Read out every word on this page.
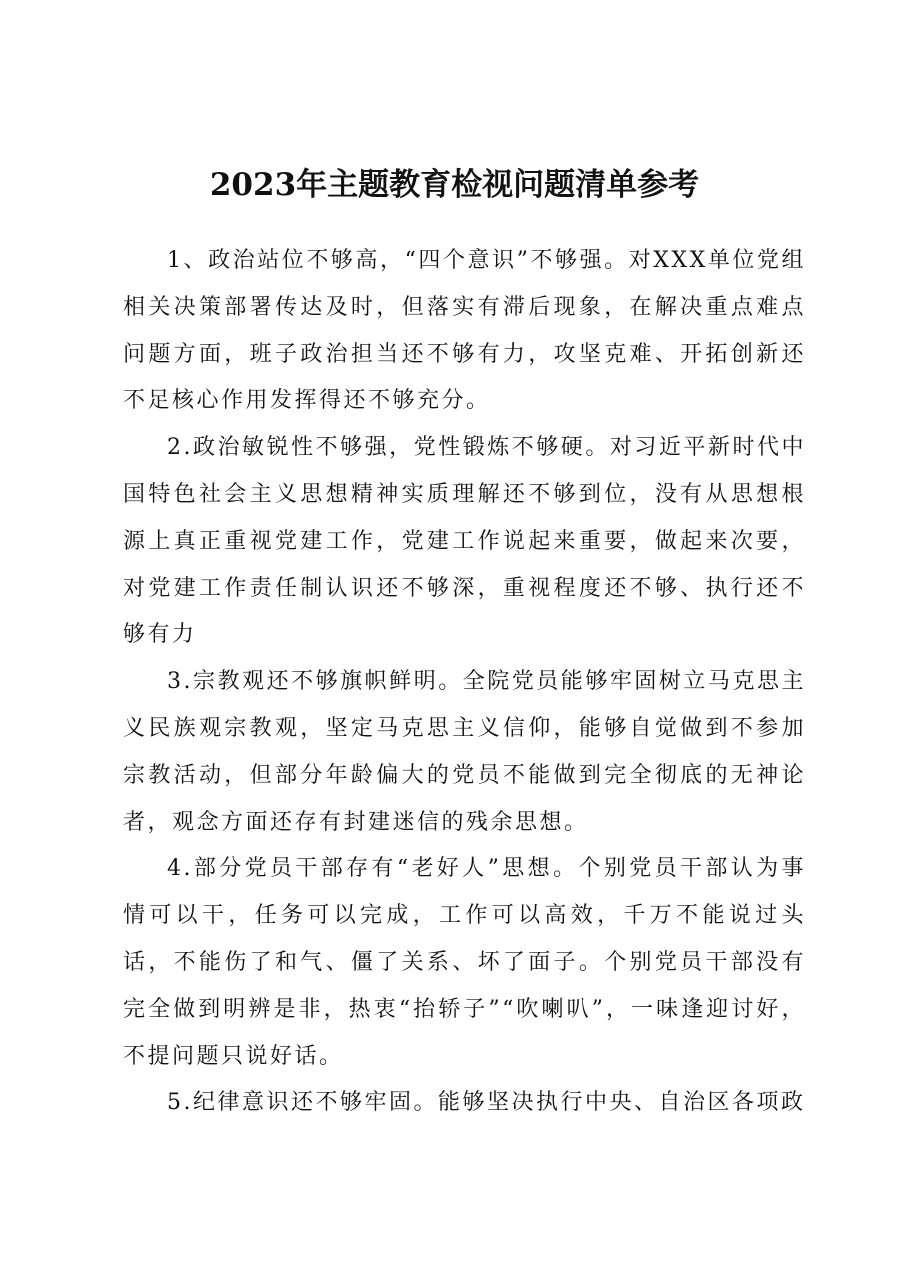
2023年主题教育检视问题清单参考

1、政治站位不够高，“四个意识”不够强。对XXX单位党组相关决策部署传达及时，但落实有滞后现象，在解决重点难点问题方面，班子政治担当还不够有力，攻坚克难、开拓创新还不足核心作用发挥得还不够充分。

2.政治敏锐性不够强，党性锻炼不够硬。对习近平新时代中国特色社会主义思想精神实质理解还不够到位，没有从思想根源上真正重视党建工作，党建工作说起来重要，做起来次要，对党建工作责任制认识还不够深，重视程度还不够、执行还不够有力

3.宗教观还不够旗帜鲜明。全院党员能够牢固树立马克思主义民族观宗教观，坚定马克思主义信仰，能够自觉做到不参加宗教活动，但部分年龄偏大的党员不能做到完全彻底的无神论者，观念方面还存有封建迷信的残余思想。

4.部分党员干部存有“老好人”思想。个别党员干部认为事情可以干，任务可以完成，工作可以高效，千万不能说过头话，不能伤了和气、僵了关系、坏了面子。个别党员干部没有完全做到明辨是非，热衷“抬轿子”“吹喇叭”，一味逢迎讨好，不提问题只说好话。

5.纪律意识还不够牢固。能够坚决执行中央、自治区各项政
